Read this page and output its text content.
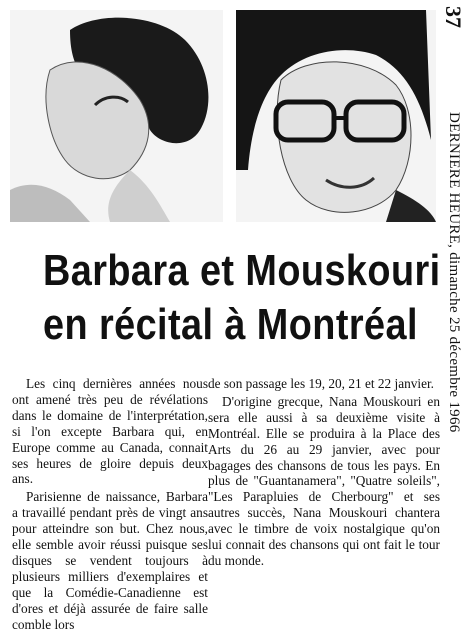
37
DERNIERE HEURE, dimanche 25 décembre 1966
Barbara et Mouskouri
en récital à Montréal

Les cinq dernières années nous ont amené très peu de révélations dans le domaine de l'interprétation, si l'on excepte Barbara qui, en Europe comme au Canada, connait ses heures de gloire depuis deux ans.

Parisienne de naissance, Barbara a travaillé pendant près de vingt ans pour atteindre son but. Chez nous, elle semble avoir réussi puisque ses disques se vendent toujours à plusieurs milliers d'exemplaires et que la Comédie-Canadienne est d'ores et déjà assurée de faire salle comble lors

de son passage les 19, 20, 21 et 22 janvier.

D'origine grecque, Nana Mouskouri en sera elle aussi à sa deuxième visite à Montréal. Elle se produira à la Place des Arts du 26 au 29 janvier, avec pour bagages des chansons de tous les pays. En plus de "Guantanamera", "Quatre soleils", "Les Parapluies de Cherbourg" et ses autres succès, Nana Mouskouri chantera avec le timbre de voix nostalgique qu'on lui connait des chansons qui ont fait le tour du monde.
